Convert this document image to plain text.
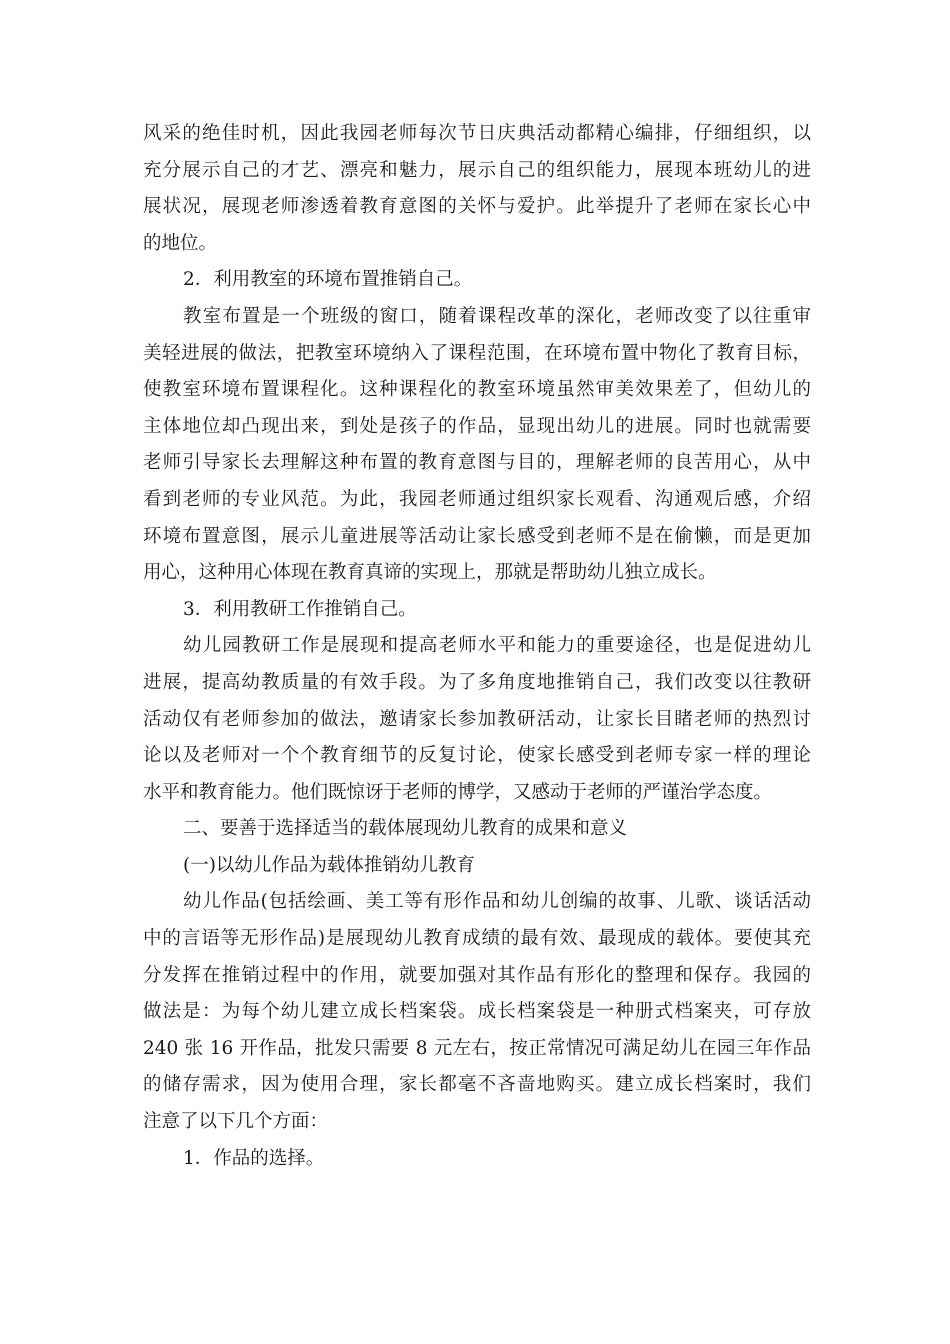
风采的绝佳时机，因此我园老师每次节日庆典活动都精心编排，仔细组织，以
充分展示自己的才艺、漂亮和魅力，展示自己的组织能力，展现本班幼儿的进
展状况，展现老师渗透着教育意图的关怀与爱护。此举提升了老师在家长心中
的地位。
2．利用教室的环境布置推销自己。
教室布置是一个班级的窗口，随着课程改革的深化，老师改变了以往重审
美轻进展的做法，把教室环境纳入了课程范围，在环境布置中物化了教育目标，
使教室环境布置课程化。这种课程化的教室环境虽然审美效果差了，但幼儿的
主体地位却凸现出来，到处是孩子的作品，显现出幼儿的进展。同时也就需要
老师引导家长去理解这种布置的教育意图与目的，理解老师的良苦用心，从中
看到老师的专业风范。为此，我园老师通过组织家长观看、沟通观后感，介绍
环境布置意图，展示儿童进展等活动让家长感受到老师不是在偷懒，而是更加
用心，这种用心体现在教育真谛的实现上，那就是帮助幼儿独立成长。
3．利用教研工作推销自己。
幼儿园教研工作是展现和提高老师水平和能力的重要途径，也是促进幼儿
进展，提高幼教质量的有效手段。为了多角度地推销自己，我们改变以往教研
活动仅有老师参加的做法，邀请家长参加教研活动，让家长目睹老师的热烈讨
论以及老师对一个个教育细节的反复讨论，使家长感受到老师专家一样的理论
水平和教育能力。他们既惊讶于老师的博学，又感动于老师的严谨治学态度。
二、要善于选择适当的载体展现幼儿教育的成果和意义
(一)以幼儿作品为载体推销幼儿教育
幼儿作品(包括绘画、美工等有形作品和幼儿创编的故事、儿歌、谈话活动
中的言语等无形作品)是展现幼儿教育成绩的最有效、最现成的载体。要使其充
分发挥在推销过程中的作用，就要加强对其作品有形化的整理和保存。我园的
做法是：为每个幼儿建立成长档案袋。成长档案袋是一种册式档案夹，可存放
240 张 16 开作品，批发只需要 8 元左右，按正常情况可满足幼儿在园三年作品
的储存需求，因为使用合理，家长都毫不吝啬地购买。建立成长档案时，我们
注意了以下几个方面：
1．作品的选择。
